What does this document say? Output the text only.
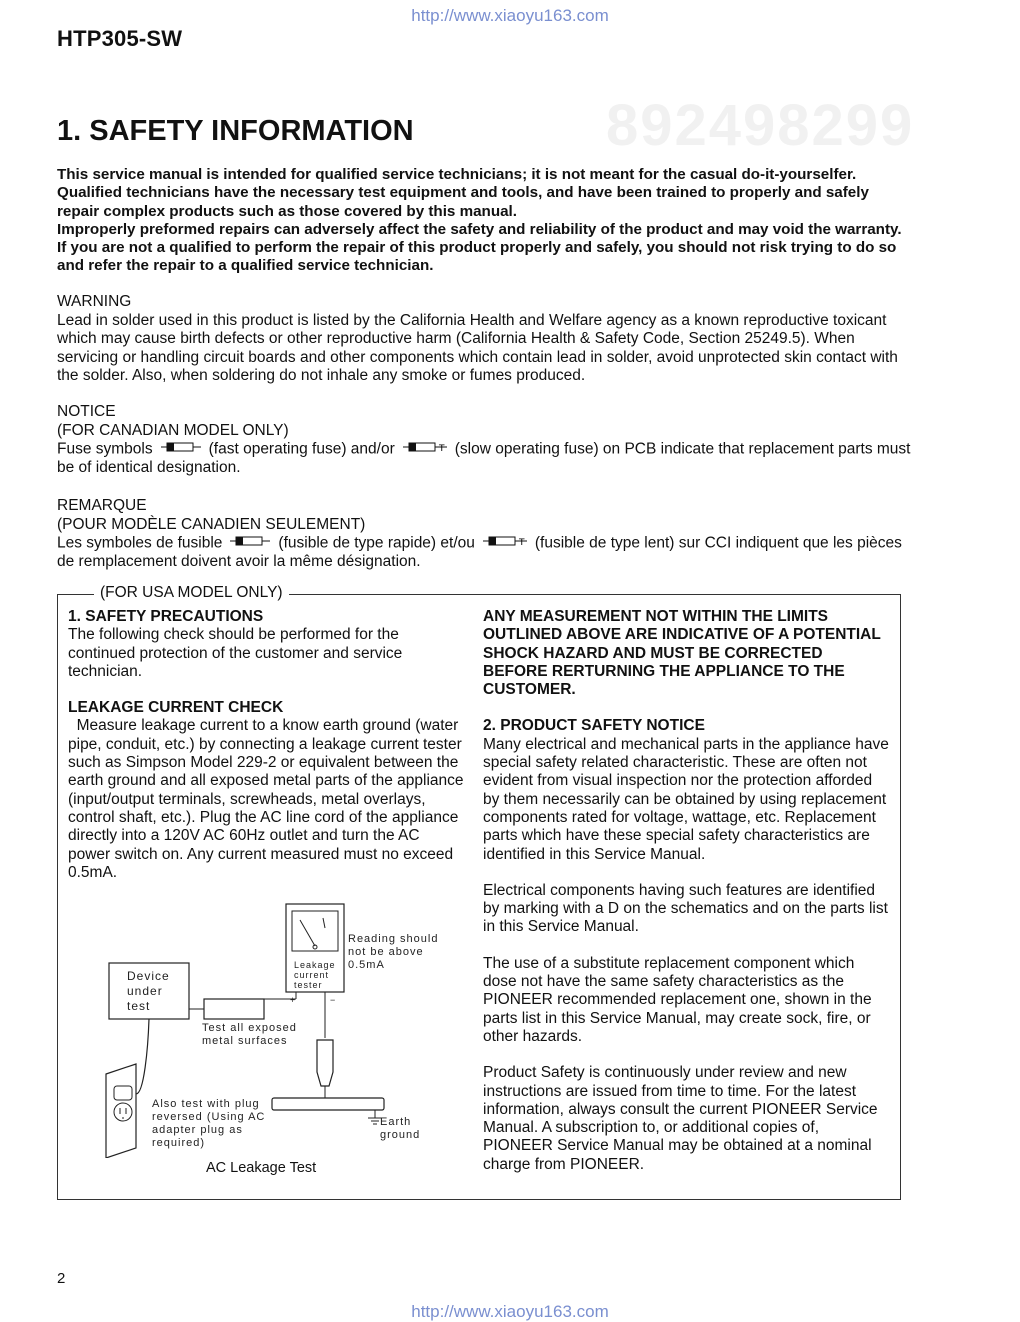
http://www.xiaoyu163.com
HTP305-SW
892498299
1. SAFETY INFORMATION
This service manual is intended for qualified service technicians; it is not meant for the casual do-it-yourselfer. Qualified technicians have the necessary test equipment and tools, and have been trained to properly and safely repair complex products such as those covered by this manual.
Improperly preformed repairs can adversely affect the safety and reliability of the product and may void the warranty. If you are not a qualified to perform the repair of this product properly and safely, you should not risk trying to do so and refer the repair to a qualified service technician.
WARNING
Lead in solder used in this product is listed by the California Health and Welfare agency as a known reproductive toxicant which may cause birth defects or other reproductive harm (California Health & Safety Code, Section 25249.5). When servicing or handling circuit boards and other components which contain lead in solder, avoid unprotected skin contact with the solder. Also, when soldering do not inhale any smoke or fumes produced.
NOTICE
(FOR CANADIAN MODEL ONLY)
Fuse symbols	(fast operating fuse) and/or	T (slow operating fuse) on PCB indicate that replacement parts must be of identical designation.
REMARQUE
(POUR MODÈLE CANADIEN SEULEMENT)
Les symboles de fusible	(fusible de type rapide) et/ou	T (fusible de type lent) sur CCI indiquent que les pièces de remplacement doivent avoir la même désignation.
(FOR USA MODEL ONLY)

1. SAFETY PRECAUTIONS

The following check should be performed for the continued protection of the customer and service technician.

LEAKAGE CURRENT CHECK

Measure leakage current to a know earth ground (water pipe, conduit, etc.) by connecting a leakage current tester such as Simpson Model 229-2 or equivalent between the earth ground and all exposed metal parts of the appliance (input/output terminals, screwheads, metal overlays, control shaft, etc.). Plug the AC line cord of the appliance directly into a 120V AC 60Hz outlet and turn the AC power switch on. Any current measured must no exceed 0.5mA.

Device under test
Leakage current tester
Reading should not be above 0.5mA
Test all exposed metal surfaces
Also test with plug reversed (Using AC adapter plug as required)
Earth ground
+	−
AC Leakage Test

ANY MEASUREMENT NOT WITHIN THE LIMITS OUTLINED ABOVE ARE INDICATIVE OF A POTENTIAL SHOCK HAZARD AND MUST BE CORRECTED BEFORE RERTURNING THE APPLIANCE TO THE CUSTOMER.

2. PRODUCT SAFETY NOTICE

Many electrical and mechanical parts in the appliance have special safety related characteristic. These are often not evident from visual inspection nor the protection afforded by them necessarily can be obtained by using replacement components rated for voltage, wattage, etc. Replacement parts which have these special safety characteristics are identified in this Service Manual.

Electrical components having such features are identified by marking with a D on the schematics and on the parts list in this Service Manual.

The use of a substitute replacement component which dose not have the same safety characteristics as the PIONEER recommended replacement one, shown in the parts list in this Service Manual, may create sock, fire, or other hazards.

Product Safety is continuously under review and new instructions are issued from time to time. For the latest information, always consult the current PIONEER Service Manual. A subscription to, or additional copies of, PIONEER Service Manual may be obtained at a nominal charge from PIONEER.

2
http://www.xiaoyu163.com
